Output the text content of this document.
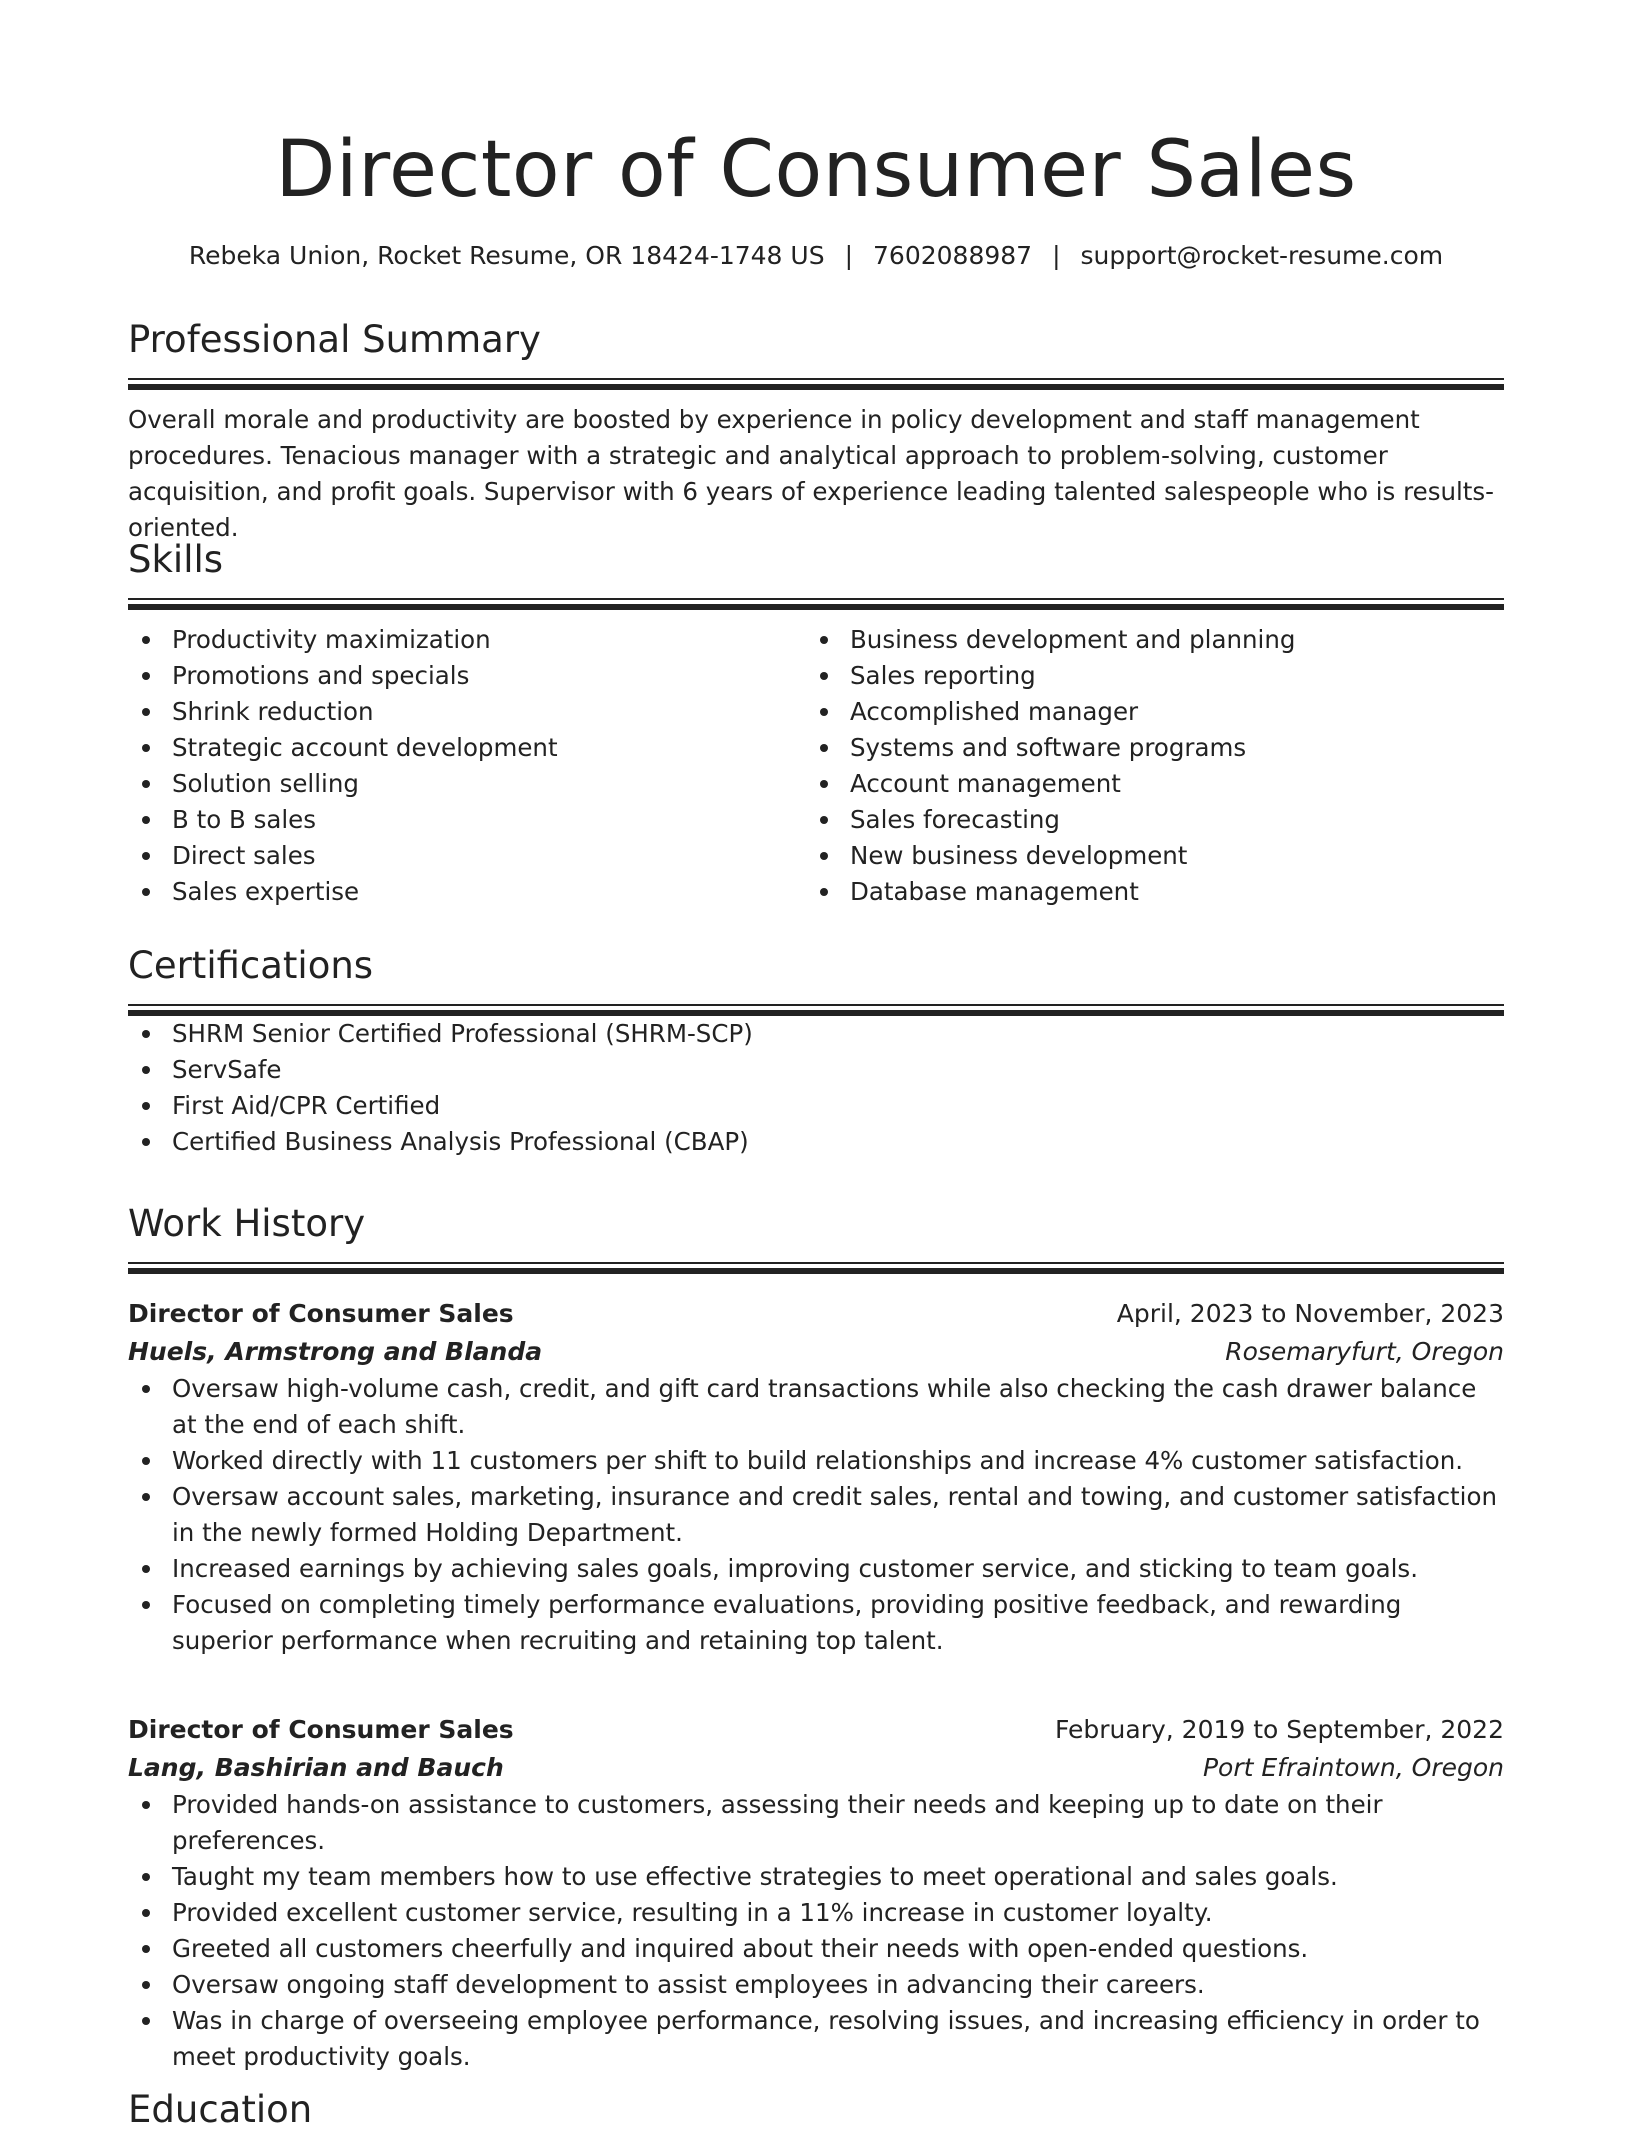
Director of Consumer Sales
Rebeka Union, Rocket Resume, OR 18424-1748 US | 7602088987 | support@rocket-resume.com
Professional Summary
Overall morale and productivity are boosted by experience in policy development and staff management procedures. Tenacious manager with a strategic and analytical approach to problem-solving, customer acquisition, and profit goals. Supervisor with 6 years of experience leading talented salespeople who is results-oriented.
Skills
Productivity maximization
Promotions and specials
Shrink reduction
Strategic account development
Solution selling
B to B sales
Direct sales
Sales expertise
Business development and planning
Sales reporting
Accomplished manager
Systems and software programs
Account management
Sales forecasting
New business development
Database management
Certifications
SHRM Senior Certified Professional (SHRM-SCP)
ServSafe
First Aid/CPR Certified
Certified Business Analysis Professional (CBAP)
Work History
Director of Consumer Sales	April, 2023 to November, 2023
Huels, Armstrong and Blanda	Rosemaryfurt, Oregon
Oversaw high-volume cash, credit, and gift card transactions while also checking the cash drawer balance at the end of each shift.
Worked directly with 11 customers per shift to build relationships and increase 4% customer satisfaction.
Oversaw account sales, marketing, insurance and credit sales, rental and towing, and customer satisfaction in the newly formed Holding Department.
Increased earnings by achieving sales goals, improving customer service, and sticking to team goals.
Focused on completing timely performance evaluations, providing positive feedback, and rewarding superior performance when recruiting and retaining top talent.
Director of Consumer Sales	February, 2019 to September, 2022
Lang, Bashirian and Bauch	Port Efraintown, Oregon
Provided hands-on assistance to customers, assessing their needs and keeping up to date on their preferences.
Taught my team members how to use effective strategies to meet operational and sales goals.
Provided excellent customer service, resulting in a 11% increase in customer loyalty.
Greeted all customers cheerfully and inquired about their needs with open-ended questions.
Oversaw ongoing staff development to assist employees in advancing their careers.
Was in charge of overseeing employee performance, resolving issues, and increasing efficiency in order to meet productivity goals.
Education
